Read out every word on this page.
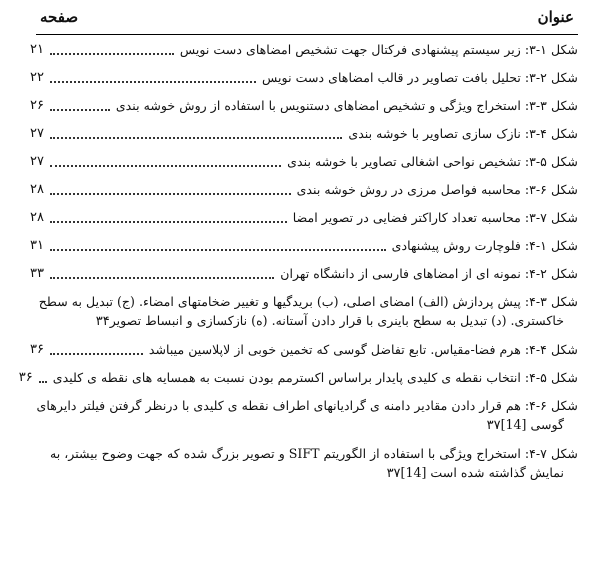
عنوان
صفحه
شکل ۱-۳: زیر سیستم پیشنهادی فرکتال جهت تشخیص امضاهای دست نویس
۲۱
شکل ۲-۳: تحلیل بافت تصاویر در قالب امضاهای دست نویس
۲۲
شکل ۳-۳: استخراج ویژگی و تشخیص امضاهای دستنویس با استفاده از روش خوشه بندی
۲۶
شکل ۴-۳: نازک سازی تصاویر با خوشه بندی
۲۷
شکل ۵-۳: تشخیص نواحی اشغالی تصاویر با خوشه بندی
۲۷
شکل ۶-۳: محاسبه فواصل مرزی در روش خوشه بندی
۲۸
شکل ۷-۳: محاسبه تعداد کاراکتر فضایی در تصویر امضا
۲۸
شکل ۱-۴: فلوچارت روش پیشنهادی
۳۱
شکل ۲-۴: نمونه ای از امضاهای فارسی از دانشگاه تهران
۳۳
شکل ۳-۴: پیش پردازش (الف) امضای اصلی، (ب) بریدگیها و تغییر ضخامتهای امضاء. (ج) تبدیل به سطح
خاکستری. (د) تبدیل به سطح باینری با قرار دادن آستانه. (ه) نازکسازی و انبساط تصویر۳۴
شکل ۴-۴: هرم فضا-مقیاس. تابع تفاضل گوسی که تخمین خوبی از لاپلاسین میباشد
۳۶
شکل ۵-۴: انتخاب نقطه ی کلیدی پایدار براساس اکسترمم بودن نسبت به همسایه های نقطه ی کلیدی
۳۶
شکل ۶-۴: هم قرار دادن مقادیر دامنه ی گرادیانهای اطراف نقطه ی کلیدی با درنظر گرفتن فیلتر دایرهای
گوسی [14]۳۷
شکل ۷-۴: استخراج ویژگی با استفاده از الگوریتم SIFT و تصویر بزرگ شده که جهت وضوح بیشتر، به
نمایش گذاشته شده است [14]۳۷
